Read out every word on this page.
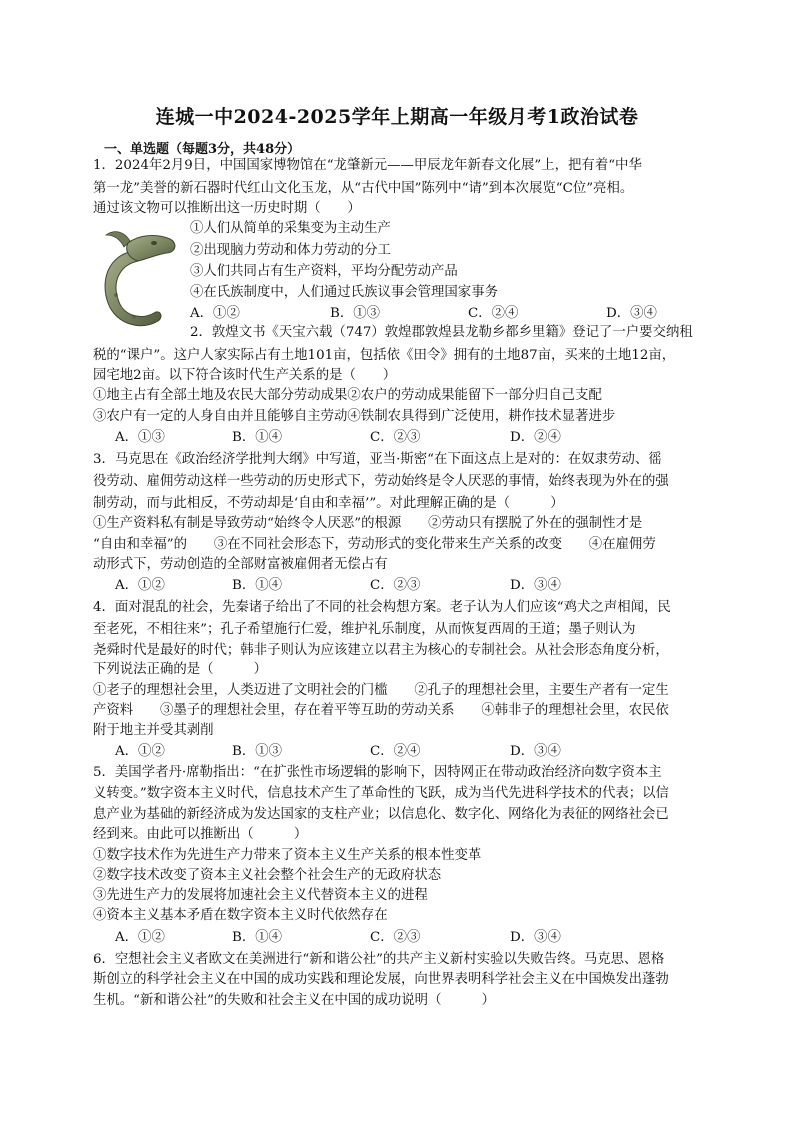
连城一中2024-2025学年上期高一年级月考1政治试卷
一、单选题（每题3分，共48分）
1．2024年2月9日，中国国家博物馆在“龙肇新元——甲辰龙年新春文化展”上，把有着“中华
第一龙”美誉的新石器时代红山文化玉龙，从“古代中国”陈列中“请”到本次展览“C位”亮相。
通过该文物可以推断出这一历史时期（　　）
①人们从简单的采集变为主动生产
②出现脑力劳动和体力劳动的分工
③人们共同占有生产资料，平均分配劳动产品
④在氏族制度中，人们通过氏族议事会管理国家事务
A．①②	B．①③	C．②④	D．③④
2．敦煌文书《天宝六载（747）敦煌郡敦煌县龙勒乡都乡里籍》登记了一户要交纳租
税的“课户”。这户人家实际占有土地101亩，包括依《田令》拥有的土地87亩，买来的土地12亩，
园宅地2亩。以下符合该时代生产关系的是（　　）
①地主占有全部土地及农民大部分劳动成果②农户的劳动成果能留下一部分归自己支配
③农户有一定的人身自由并且能够自主劳动④铁制农具得到广泛使用，耕作技术显著进步
A．①③	B．①④	C．②③	D．②④
3．马克思在《政治经济学批判大纲》中写道，亚当·斯密“在下面这点上是对的：在奴隶劳动、徭
役劳动、雇佣劳动这样一些劳动的历史形式下，劳动始终是令人厌恶的事情，始终表现为外在的强
制劳动，而与此相反，不劳动却是‘自由和幸福’”。对此理解正确的是（　　　）
①生产资料私有制是导致劳动“始终令人厌恶”的根源　　②劳动只有摆脱了外在的强制性才是
“自由和幸福”的　　③在不同社会形态下，劳动形式的变化带来生产关系的改变　　④在雇佣劳
动形式下，劳动创造的全部财富被雇佣者无偿占有
A．①②	B．①④	C．②③	D．③④
4．面对混乱的社会，先秦诸子给出了不同的社会构想方案。老子认为人们应该“鸡犬之声相闻，民
至老死，不相往来”；孔子希望施行仁爱，维护礼乐制度，从而恢复西周的王道；墨子则认为
尧舜时代是最好的时代；韩非子则认为应该建立以君主为核心的专制社会。从社会形态角度分析，
下列说法正确的是（　　　）
①老子的理想社会里，人类迈进了文明社会的门槛　　②孔子的理想社会里，主要生产者有一定生
产资料　　③墨子的理想社会里，存在着平等互助的劳动关系　　④韩非子的理想社会里，农民依
附于地主并受其剥削
A．①②	B．①③	C．②④	D．③④
5．美国学者丹·席勒指出：“在扩张性市场逻辑的影响下，因特网正在带动政治经济向数字资本主
义转变。”数字资本主义时代，信息技术产生了革命性的飞跃，成为当代先进科学技术的代表；以信
息产业为基础的新经济成为发达国家的支柱产业；以信息化、数字化、网络化为表征的网络社会已
经到来。由此可以推断出（　　　）
①数字技术作为先进生产力带来了资本主义生产关系的根本性变革
②数字技术改变了资本主义社会整个社会生产的无政府状态
③先进生产力的发展将加速社会主义代替资本主义的进程
④资本主义基本矛盾在数字资本主义时代依然存在
A．①②	B．①④	C．②③	D．③④
6．空想社会主义者欧文在美洲进行“新和谐公社”的共产主义新村实验以失败告终。马克思、恩格
斯创立的科学社会主义在中国的成功实践和理论发展，向世界表明科学社会主义在中国焕发出蓬勃
生机。“新和谐公社”的失败和社会主义在中国的成功说明（　　　）
